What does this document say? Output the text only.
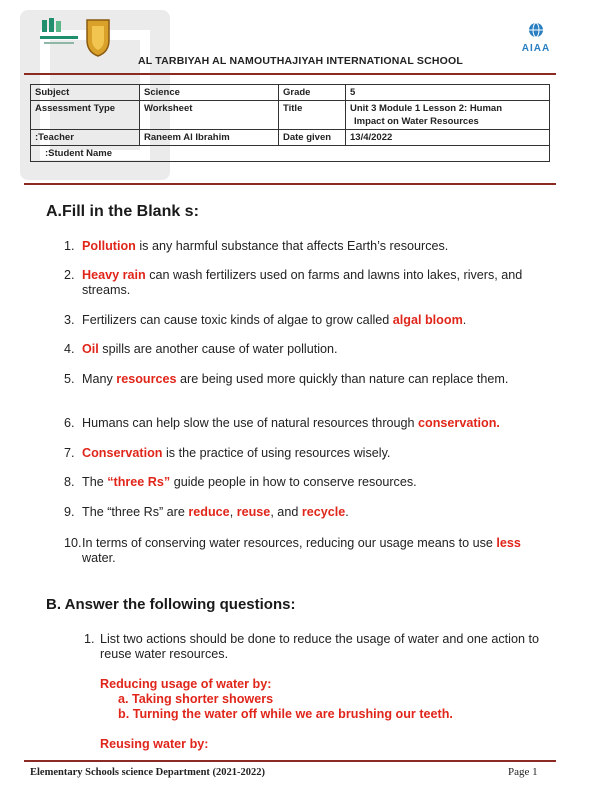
AIAA
AL TARBIYAH AL NAMOUTHAJIYAH INTERNATIONAL SCHOOL
Subject	Science	Grade	5
Assessment Type	Worksheet	Title	Unit 3 Module 1 Lesson 2: Human
Impact on Water Resources

:Teacher	Raneem Al Ibrahim	Date given	13/4/2022
:Student Name			
A.Fill in the Blank s:
1. Pollution is any harmful substance that affects Earth’s resources.
2. Heavy rain can wash fertilizers used on farms and lawns into lakes, rivers, and streams.
3. Fertilizers can cause toxic kinds of algae to grow called algal bloom.
4. Oil spills are another cause of water pollution.
5. Many resources are being used more quickly than nature can replace them.
6. Humans can help slow the use of natural resources through conservation.
7. Conservation is the practice of using resources wisely.
8. The “three Rs” guide people in how to conserve resources.
9. The “three Rs” are reduce, reuse, and recycle.
10. In terms of conserving water resources, reducing our usage means to use less water.
B. Answer the following questions:
1. List two actions should be done to reduce the usage of water and one action to reuse water resources.
Reducing usage of water by:
a. Taking shorter showers
b. Turning the water off while we are brushing our teeth.
Reusing water by:
Elementary Schools science Department (2021-2022)	Page 1
